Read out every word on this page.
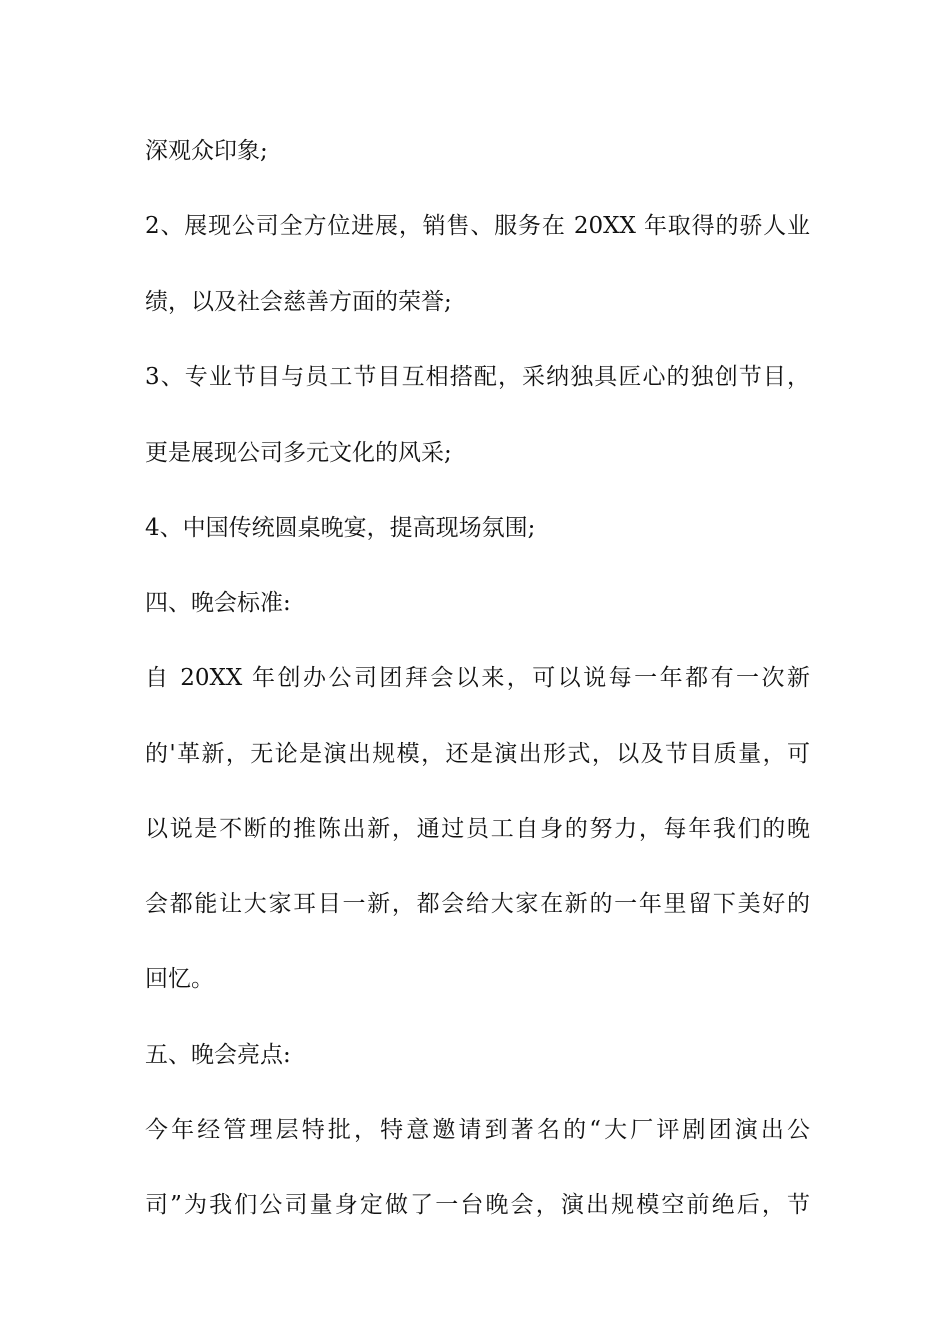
深观众印象;
2、展现公司全方位进展，销售、服务在 20XX 年取得的骄人业
绩，以及社会慈善方面的荣誉;
3、专业节目与员工节目互相搭配，采纳独具匠心的独创节目，
更是展现公司多元文化的风采;
4、中国传统圆桌晚宴，提高现场氛围;
四、晚会标准:
自 20XX 年创办公司团拜会以来，可以说每一年都有一次新
的'革新，无论是演出规模，还是演出形式，以及节目质量，可
以说是不断的推陈出新，通过员工自身的努力，每年我们的晚
会都能让大家耳目一新，都会给大家在新的一年里留下美好的
回忆。
五、晚会亮点:
今年经管理层特批，特意邀请到著名的“大厂评剧团演出公
司”为我们公司量身定做了一台晚会，演出规模空前绝后，节
